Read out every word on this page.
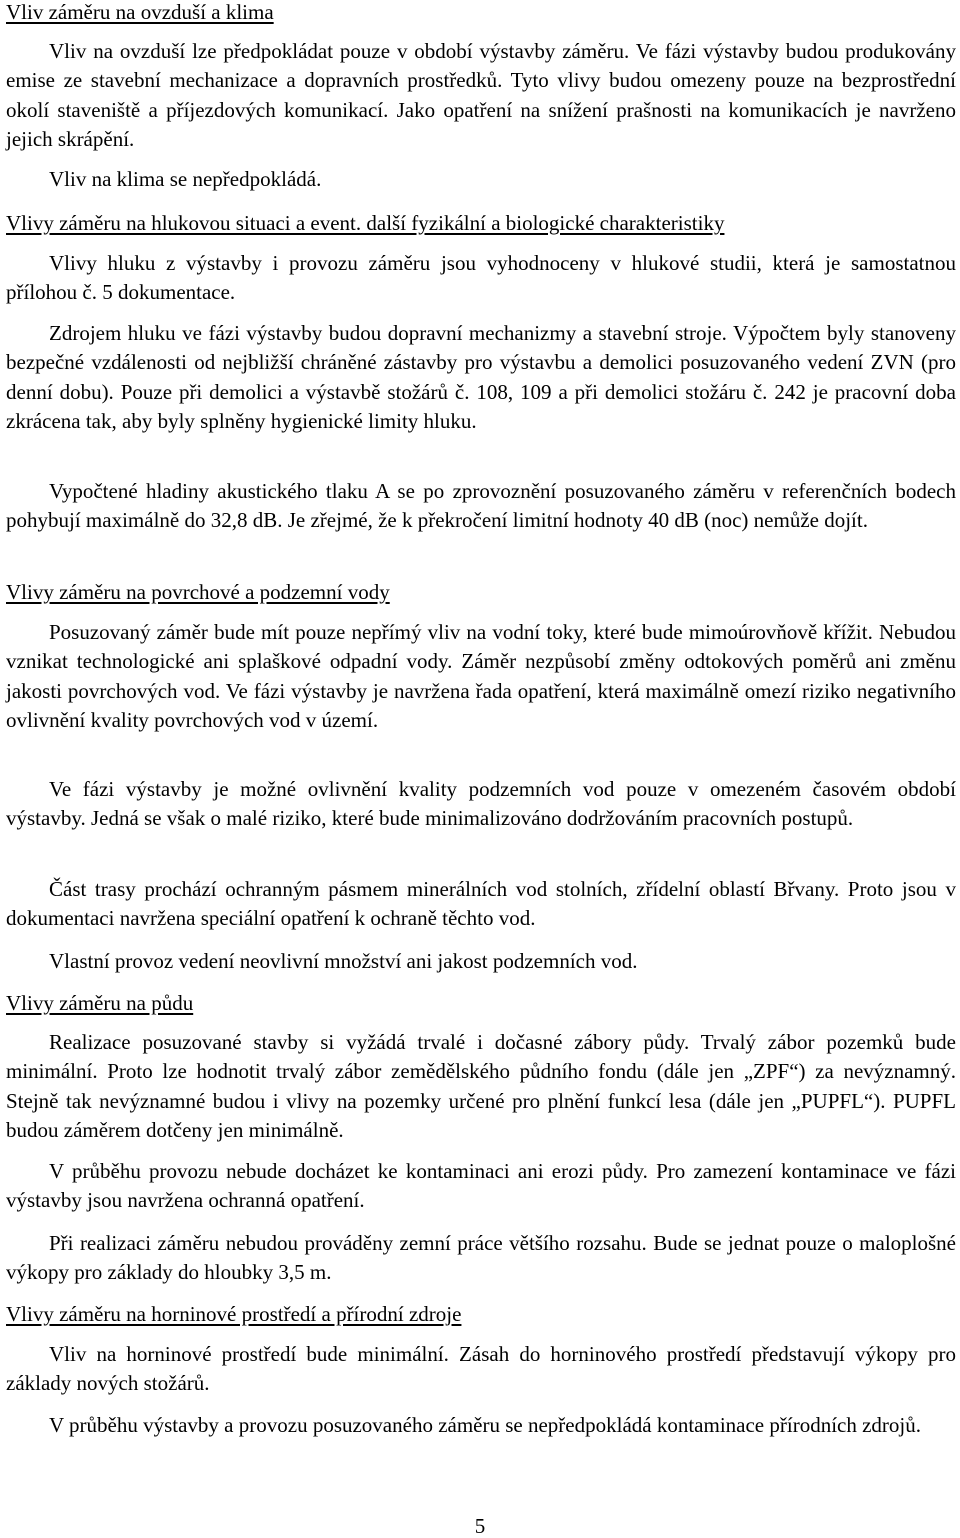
Vliv záměru na ovzduší a klima

Vliv na ovzduší lze předpokládat pouze v období výstavby záměru. Ve fázi výstavby budou produkovány emise ze stavební mechanizace a dopravních prostředků. Tyto vlivy budou omezeny pouze na bezprostřední okolí staveniště a příjezdových komunikací. Jako opatření na snížení prašnosti na komunikacích je navrženo jejich skrápění.

Vliv na klima se nepředpokládá.
Vlivy záměru na hlukovou situaci a event. další fyzikální a biologické charakteristiky

Vlivy hluku z výstavby i provozu záměru jsou vyhodnoceny v hlukové studii, která je samostatnou přílohou č. 5 dokumentace.

Zdrojem hluku ve fázi výstavby budou dopravní mechanizmy a stavební stroje. Výpočtem byly stanoveny bezpečné vzdálenosti od nejbližší chráněné zástavby pro výstavbu a demolici posuzovaného vedení ZVN (pro denní dobu). Pouze při demolici a výstavbě stožárů č. 108, 109 a při demolici stožáru č. 242 je pracovní doba zkrácena tak, aby byly splněny hygienické limity hluku.

Vypočtené hladiny akustického tlaku A se po zprovoznění posuzovaného záměru v referenčních bodech pohybují maximálně do 32,8 dB. Je zřejmé, že k překročení limitní hodnoty 40 dB (noc) nemůže dojít.

Vlivy záměru na povrchové a podzemní vody

Posuzovaný záměr bude mít pouze nepřímý vliv na vodní toky, které bude mimoúrovňově křížit. Nebudou vznikat technologické ani splaškové odpadní vody. Záměr nezpůsobí změny odtokových poměrů ani změnu jakosti povrchových vod. Ve fázi výstavby je navržena řada opatření, která maximálně omezí riziko negativního ovlivnění kvality povrchových vod v území.

Ve fázi výstavby je možné ovlivnění kvality podzemních vod pouze v omezeném časovém období výstavby. Jedná se však o malé riziko, které bude minimalizováno dodržováním pracovních postupů.

Část trasy prochází ochranným pásmem minerálních vod stolních, zřídelní oblastí Břvany. Proto jsou v dokumentaci navržena speciální opatření k ochraně těchto vod.

Vlastní provoz vedení neovlivní množství ani jakost podzemních vod.
Vlivy záměru na půdu

Realizace posuzované stavby si vyžádá trvalé i dočasné zábory půdy. Trvalý zábor pozemků bude minimální. Proto lze hodnotit trvalý zábor zemědělského půdního fondu (dále jen „ZPF“) za nevýznamný. Stejně tak nevýznamné budou i vlivy na pozemky určené pro plnění funkcí lesa (dále jen „PUPFL“). PUPFL budou záměrem dotčeny jen minimálně.

V průběhu provozu nebude docházet ke kontaminaci ani erozi půdy. Pro zamezení kontaminace ve fázi výstavby jsou navržena ochranná opatření.

Při realizaci záměru nebudou prováděny zemní práce většího rozsahu. Bude se jednat pouze o maloplošné výkopy pro základy do hloubky 3,5 m.

Vlivy záměru na horninové prostředí a přírodní zdroje

Vliv na horninové prostředí bude minimální. Zásah do horninového prostředí představují výkopy pro základy nových stožárů.

V průběhu výstavby a provozu posuzovaného záměru se nepředpokládá kontaminace přírodních zdrojů.

5
